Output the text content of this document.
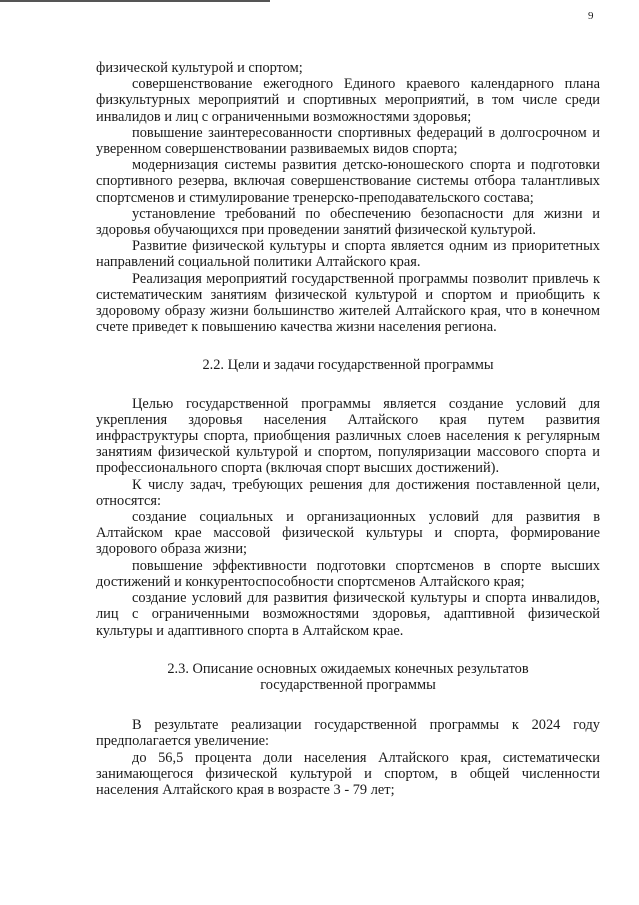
9

физической культурой и спортом;

совершенствование ежегодного Единого краевого календарного плана физкультурных мероприятий и спортивных мероприятий, в том числе среди инвалидов и лиц с ограниченными возможностями здоровья;

повышение заинтересованности спортивных федераций в долгосрочном и уверенном совершенствовании развиваемых видов спорта;

модернизация системы развития детско-юношеского спорта и подготовки спортивного резерва, включая совершенствование системы отбора талантливых спортсменов и стимулирование тренерско-преподавательского состава;

установление требований по обеспечению безопасности для жизни и здоровья обучающихся при проведении занятий физической культурой.

Развитие физической культуры и спорта является одним из приоритетных направлений социальной политики Алтайского края.

Реализация мероприятий государственной программы позволит привлечь к систематическим занятиям физической культурой и спортом и приобщить к здоровому образу жизни большинство жителей Алтайского края, что в конечном счете приведет к повышению качества жизни населения региона.

2.2. Цели и задачи государственной программы

Целью государственной программы является создание условий для укрепления здоровья населения Алтайского края путем развития инфраструктуры спорта, приобщения различных слоев населения к регулярным занятиям физической культурой и спортом, популяризации массового спорта и профессионального спорта (включая спорт высших достижений).

К числу задач, требующих решения для достижения поставленной цели, относятся:

создание социальных и организационных условий для развития в Алтайском крае массовой физической культуры и спорта, формирование здорового образа жизни;

повышение эффективности подготовки спортсменов в спорте высших достижений и конкурентоспособности спортсменов Алтайского края;

создание условий для развития физической культуры и спорта инвалидов, лиц с ограниченными возможностями здоровья, адаптивной физической культуры и адаптивного спорта в Алтайском крае.

2.3. Описание основных ожидаемых конечных результатов
государственной программы

В результате реализации государственной программы к 2024 году предполагается увеличение:

до 56,5 процента доли населения Алтайского края, систематически занимающегося физической культурой и спортом, в общей численности населения Алтайского края в возрасте 3 - 79 лет;
